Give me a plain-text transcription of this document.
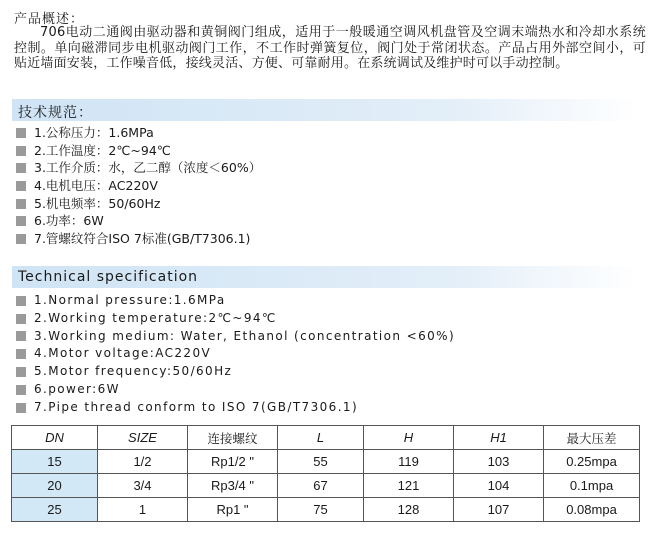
产品概述：
706电动二通阀由驱动器和黄铜阀门组成，适用于一般暖通空调风机盘管及空调末端热水和冷却水系统控制。单向磁滞同步电机驱动阀门工作，不工作时弹簧复位，阀门处于常闭状态。产品占用外部空间小，可贴近墙面安装，工作噪音低，接线灵活、方便、可靠耐用。在系统调试及维护时可以手动控制。
技术规范：
1.公称压力：1.6MPa
2.工作温度：2℃~94℃
3.工作介质：水，乙二醇（浓度＜60%）
4.电机电压：AC220V
5.机电频率：50/60Hz
6.功率：6W
7.管螺纹符合ISO 7标准(GB/T7306.1)
Technical specification
1.Normal pressure:1.6MPa
2.Working temperature:2℃~94℃
3.Working medium: Water, Ethanol (concentration <60%)
4.Motor voltage:AC220V
5.Motor frequency:50/60Hz
6.power:6W
7.Pipe thread conform to ISO 7(GB/T7306.1)
DN	SIZE	连接螺纹	L	H	H1	最大压差
15	1/2	Rp1/2 "	55	119	103	0.25mpa
20	3/4	Rp3/4 "	67	121	104	0.1mpa
25	1	Rp1 "	75	128	107	0.08mpa
